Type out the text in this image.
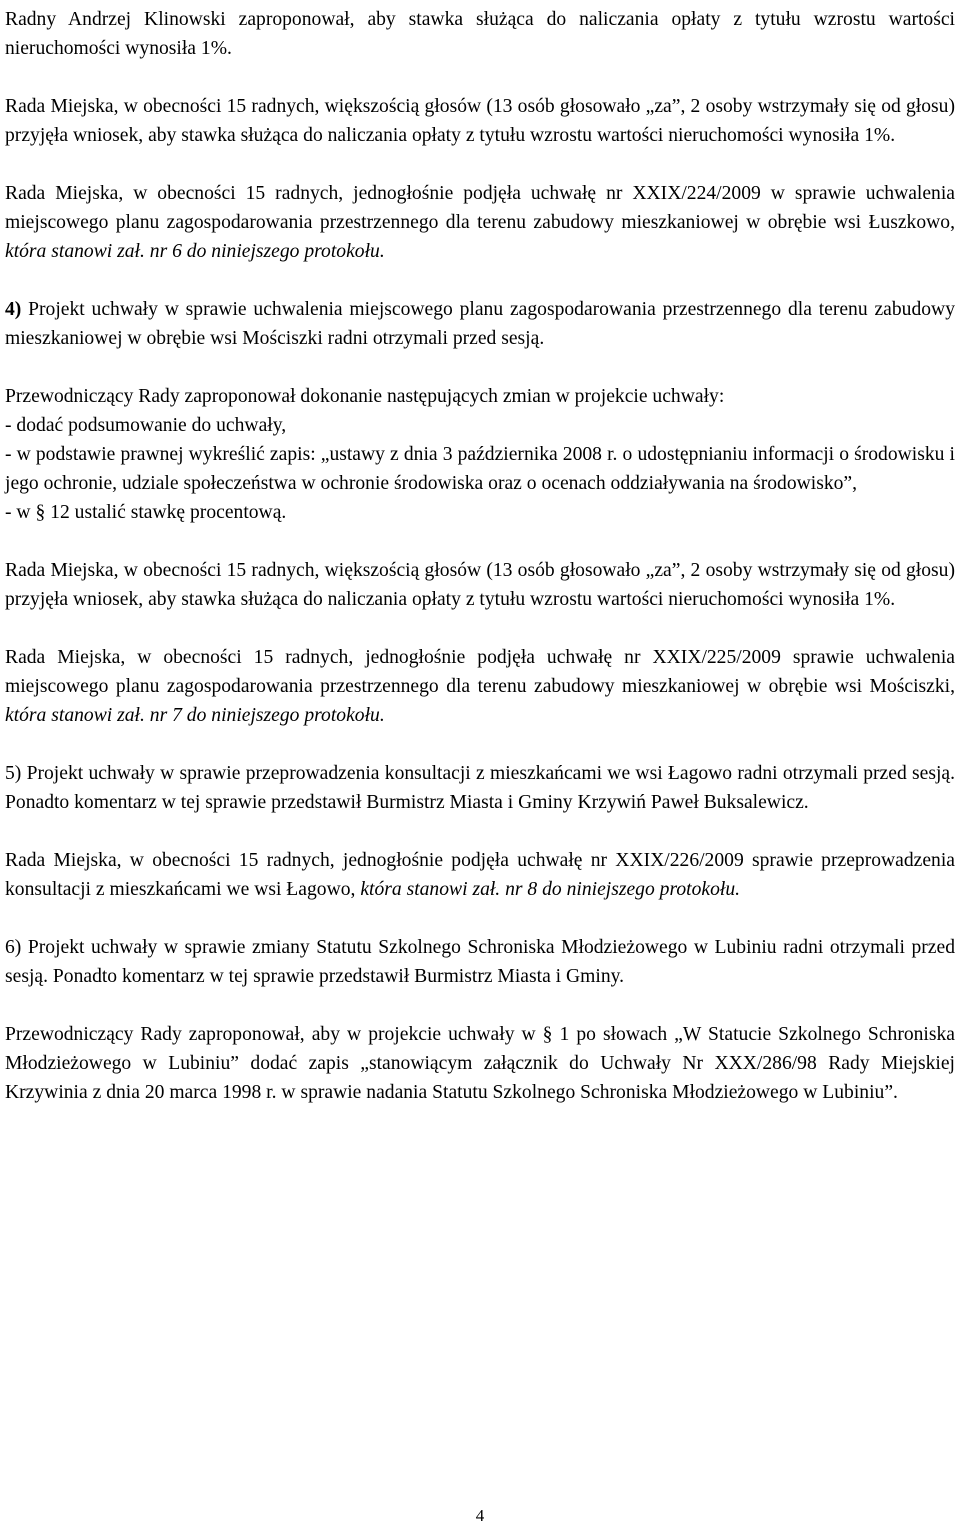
Radny Andrzej Klinowski zaproponował, aby stawka służąca do naliczania opłaty z tytułu wzrostu wartości nieruchomości wynosiła 1%.

Rada Miejska, w obecności 15 radnych, większością głosów (13 osób głosowało „za”, 2 osoby wstrzymały się od głosu) przyjęła wniosek, aby stawka służąca do naliczania opłaty z tytułu wzrostu wartości nieruchomości wynosiła 1%.

Rada Miejska, w obecności 15 radnych, jednogłośnie podjęła uchwałę nr XXIX/224/2009 w sprawie uchwalenia miejscowego planu zagospodarowania przestrzennego dla terenu zabudowy mieszkaniowej w obrębie wsi Łuszkowo, która stanowi zał. nr 6 do niniejszego protokołu.

4) Projekt uchwały w sprawie uchwalenia miejscowego planu zagospodarowania przestrzennego dla terenu zabudowy mieszkaniowej w obrębie wsi Mościszki radni otrzymali przed sesją.

Przewodniczący Rady zaproponował dokonanie następujących zmian w projekcie uchwały:

- dodać podsumowanie do uchwały,

- w podstawie prawnej wykreślić zapis: „ustawy z dnia 3 października 2008 r. o udostępnianiu informacji o środowisku i jego ochronie, udziale społeczeństwa w ochronie środowiska oraz o ocenach oddziaływania na środowisko”,

- w § 12 ustalić stawkę procentową.

Rada Miejska, w obecności 15 radnych, większością głosów (13 osób głosowało „za”, 2 osoby wstrzymały się od głosu) przyjęła wniosek, aby stawka służąca do naliczania opłaty z tytułu wzrostu wartości nieruchomości wynosiła 1%.

Rada Miejska, w obecności 15 radnych, jednogłośnie podjęła uchwałę nr XXIX/225/2009 sprawie uchwalenia miejscowego planu zagospodarowania przestrzennego dla terenu zabudowy mieszkaniowej w obrębie wsi Mościszki, która stanowi zał. nr 7 do niniejszego protokołu.

5) Projekt uchwały w sprawie przeprowadzenia konsultacji z mieszkańcami we wsi Łagowo radni otrzymali przed sesją. Ponadto komentarz w tej sprawie przedstawił Burmistrz Miasta i Gminy Krzywiń Paweł Buksalewicz.

Rada Miejska, w obecności 15 radnych, jednogłośnie podjęła uchwałę nr XXIX/226/2009 sprawie przeprowadzenia konsultacji z mieszkańcami we wsi Łagowo, która stanowi zał. nr 8 do niniejszego protokołu.

6) Projekt uchwały w sprawie zmiany Statutu Szkolnego Schroniska Młodzieżowego w Lubiniu radni otrzymali przed sesją. Ponadto komentarz w tej sprawie przedstawił Burmistrz Miasta i Gminy.

Przewodniczący Rady zaproponował, aby w projekcie uchwały w § 1 po słowach „W Statucie Szkolnego Schroniska Młodzieżowego w Lubiniu” dodać zapis „stanowiącym załącznik do Uchwały Nr XXX/286/98 Rady Miejskiej Krzywinia z dnia 20 marca 1998 r. w sprawie nadania Statutu Szkolnego Schroniska Młodzieżowego w Lubiniu”.

4
